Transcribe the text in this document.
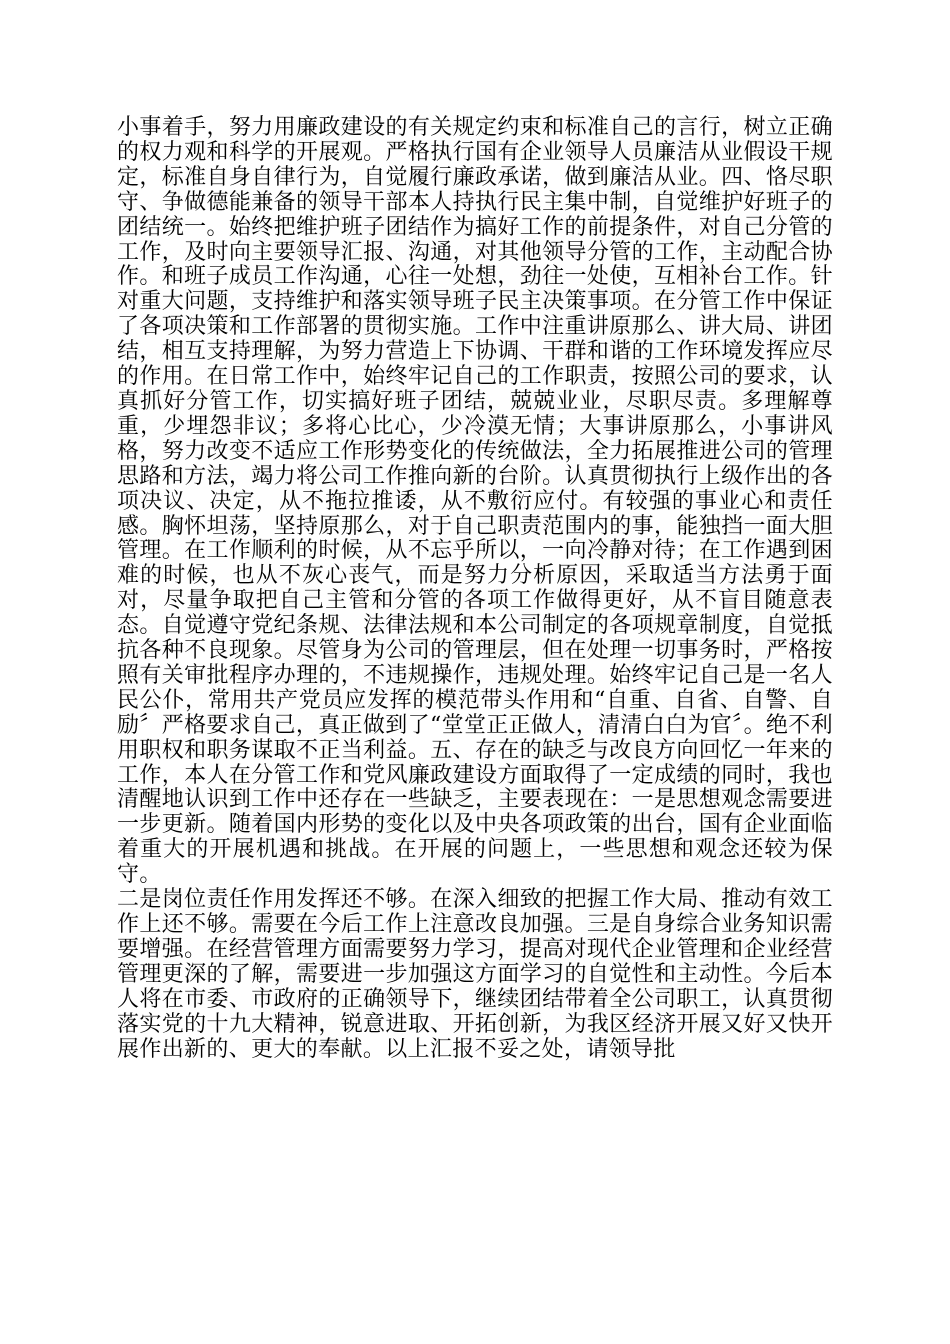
小事着手，努力用廉政建设的有关规定约束和标准自己的言行，树立正确的权力观和科学的开展观。严格执行国有企业领导人员廉洁从业假设干规定，标准自身自律行为，自觉履行廉政承诺，做到廉洁从业。四、恪尽职守、争做德能兼备的领导干部本人持执行民主集中制，自觉维护好班子的团结统一。始终把维护班子团结作为搞好工作的前提条件，对自己分管的工作，及时向主要领导汇报、沟通，对其他领导分管的工作，主动配合协作。和班子成员工作沟通，心往一处想，劲往一处使，互相补台工作。针对重大问题，支持维护和落实领导班子民主决策事项。在分管工作中保证了各项决策和工作部署的贯彻实施。工作中注重讲原那么、讲大局、讲团结，相互支持理解，为努力营造上下协调、干群和谐的工作环境发挥应尽的作用。在日常工作中，始终牢记自己的工作职责，按照公司的要求，认真抓好分管工作，切实搞好班子团结，兢兢业业，尽职尽责。多理解尊重，少埋怨非议；多将心比心，少冷漠无情；大事讲原那么，小事讲风格，努力改变不适应工作形势变化的传统做法，全力拓展推进公司的管理思路和方法，竭力将公司工作推向新的台阶。认真贯彻执行上级作出的各项决议、决定，从不拖拉推诿，从不敷衍应付。有较强的事业心和责任感。胸怀坦荡，坚持原那么，对于自己职责范围内的事，能独挡一面大胆管理。在工作顺利的时候，从不忘乎所以，一向冷静对待；在工作遇到困难的时候，也从不灰心丧气，而是努力分析原因，采取适当方法勇于面对，尽量争取把自己主管和分管的各项工作做得更好，从不盲目随意表态。自觉遵守党纪条规、法律法规和本公司制定的各项规章制度，自觉抵抗各种不良现象。尽管身为公司的管理层，但在处理一切事务时，严格按照有关审批程序办理的，不违规操作，违规处理。始终牢记自己是一名人民公仆，常用共产党员应发挥的模范带头作用和“自重、自省、自警、自励〞严格要求自己，真正做到了“堂堂正正做人，清清白白为官〞。绝不利用职权和职务谋取不正当利益。五、存在的缺乏与改良方向回忆一年来的工作，本人在分管工作和党风廉政建设方面取得了一定成绩的同时，我也清醒地认识到工作中还存在一些缺乏，主要表现在：一是思想观念需要进一步更新。随着国内形势的变化以及中央各项政策的出台，国有企业面临着重大的开展机遇和挑战。在开展的问题上，一些思想和观念还较为保守。

二是岗位责任作用发挥还不够。在深入细致的把握工作大局、推动有效工作上还不够。需要在今后工作上注意改良加强。三是自身综合业务知识需要增强。在经营管理方面需要努力学习，提高对现代企业管理和企业经营管理更深的了解，需要进一步加强这方面学习的自觉性和主动性。今后本人将在市委、市政府的正确领导下，继续团结带着全公司职工，认真贯彻落实党的十九大精神，锐意进取、开拓创新，为我区经济开展又好又快开展作出新的、更大的奉献。以上汇报不妥之处，请领导批
